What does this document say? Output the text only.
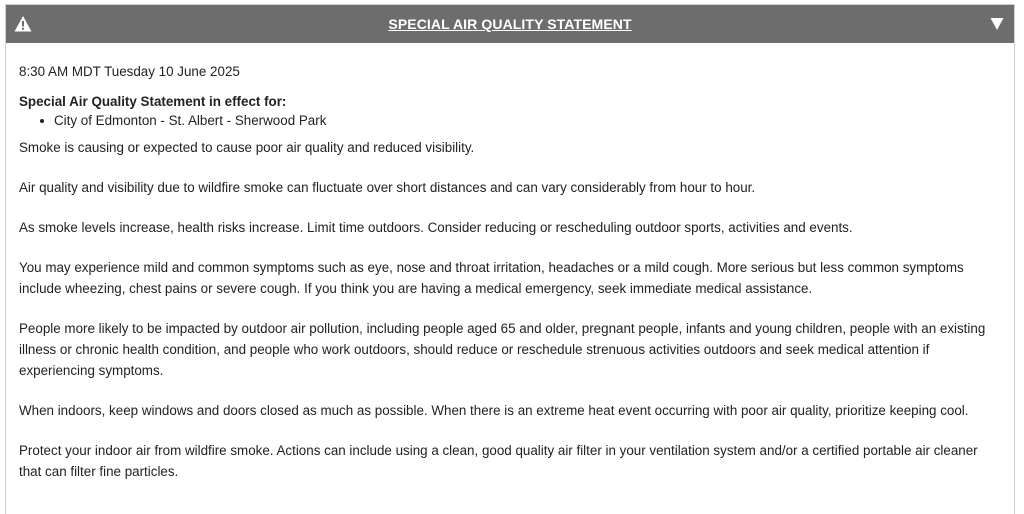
SPECIAL AIR QUALITY STATEMENT

8:30 AM MDT Tuesday 10 June 2025

Special Air Quality Statement in effect for:

City of Edmonton - St. Albert - Sherwood Park

Smoke is causing or expected to cause poor air quality and reduced visibility.

Air quality and visibility due to wildfire smoke can fluctuate over short distances and can vary considerably from hour to hour.

As smoke levels increase, health risks increase. Limit time outdoors. Consider reducing or rescheduling outdoor sports, activities and events.

You may experience mild and common symptoms such as eye, nose and throat irritation, headaches or a mild cough. More serious but less common symptoms include wheezing, chest pains or severe cough. If you think you are having a medical emergency, seek immediate medical assistance.

People more likely to be impacted by outdoor air pollution, including people aged 65 and older, pregnant people, infants and young children, people with an existing illness or chronic health condition, and people who work outdoors, should reduce or reschedule strenuous activities outdoors and seek medical attention if experiencing symptoms.

When indoors, keep windows and doors closed as much as possible. When there is an extreme heat event occurring with poor air quality, prioritize keeping cool.

Protect your indoor air from wildfire smoke. Actions can include using a clean, good quality air filter in your ventilation system and/or a certified portable air cleaner that can filter fine particles.
